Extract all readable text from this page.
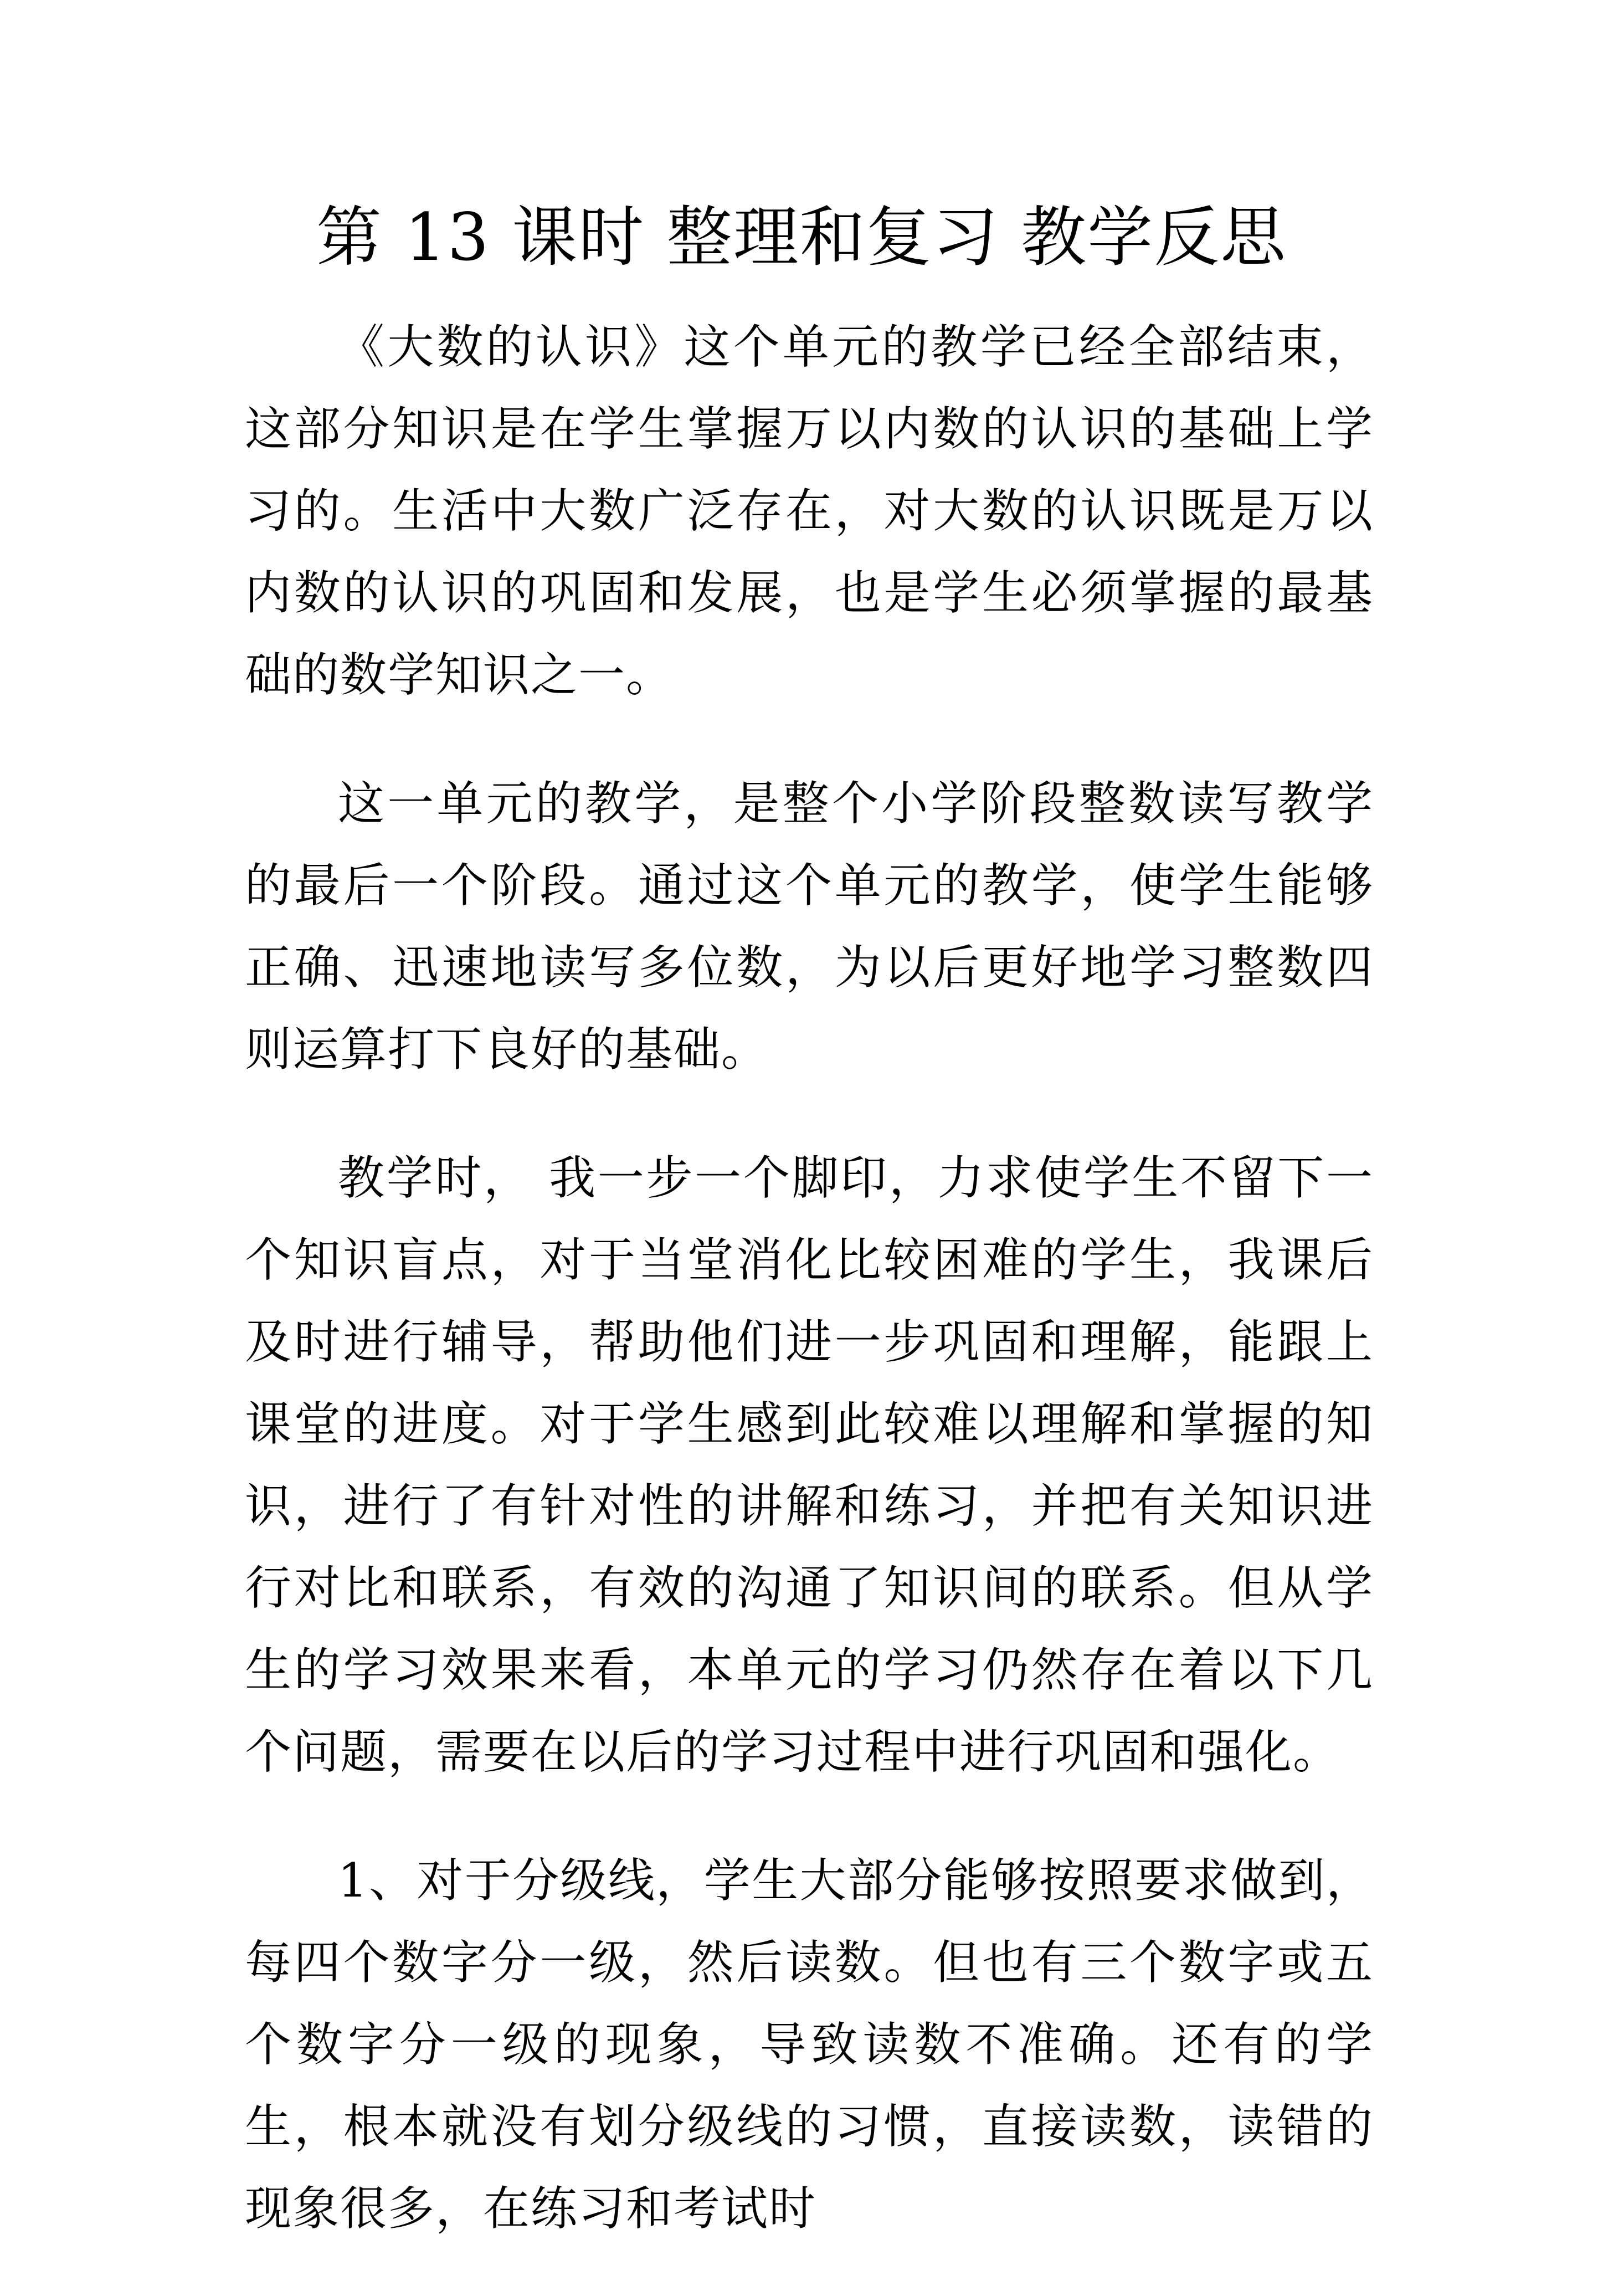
第 13 课时 整理和复习 教学反思

《大数的认识》这个单元的教学已经全部结束，这部分知识是在学生掌握万以内数的认识的基础上学习的。生活中大数广泛存在，对大数的认识既是万以内数的认识的巩固和发展，也是学生必须掌握的最基础的数学知识之一。

这一单元的教学，是整个小学阶段整数读写教学的最后一个阶段。通过这个单元的教学，使学生能够正确、迅速地读写多位数，为以后更好地学习整数四则运算打下良好的基础。

教学时， 我一步一个脚印，力求使学生不留下一个知识盲点，对于当堂消化比较困难的学生，我课后及时进行辅导，帮助他们进一步巩固和理解，能跟上课堂的进度。对于学生感到此较难以理解和掌握的知识，进行了有针对性的讲解和练习，并把有关知识进行对比和联系，有效的沟通了知识间的联系。但从学生的学习效果来看，本单元的学习仍然存在着以下几个问题，需要在以后的学习过程中进行巩固和强化。

1、对于分级线，学生大部分能够按照要求做到，每四个数字分一级，然后读数。但也有三个数字或五个数字分一级的现象，导致读数不准确。还有的学生，根本就没有划分级线的习惯，直接读数，读错的现象很多，在练习和考试时
